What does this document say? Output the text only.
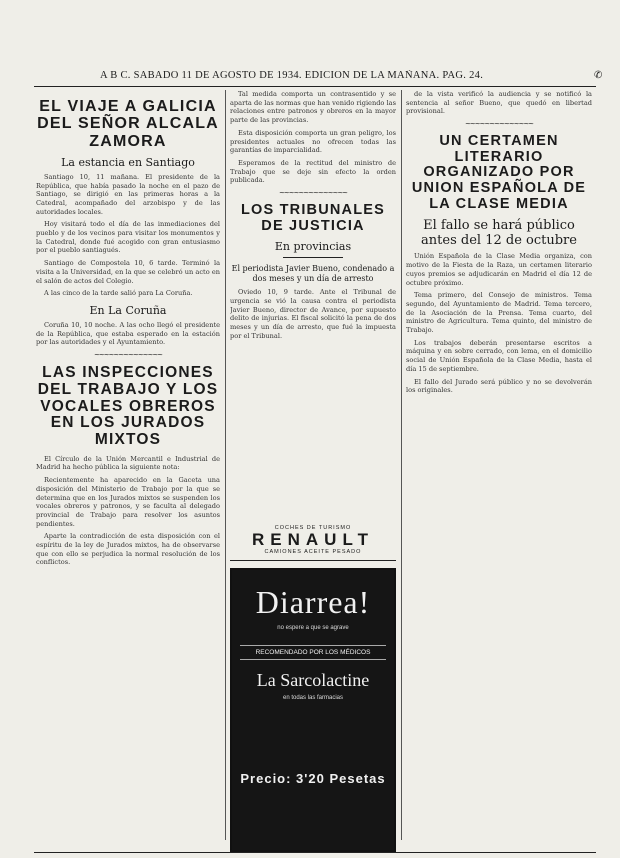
A B C. SABADO 11 DE AGOSTO DE 1934. EDICION DE LA MAÑANA. PAG. 24.	✆
EL VIAJE A GALICIA DEL SEÑOR ALCALA ZAMORA
La estancia en Santiago

Santiago 10, 11 mañana. El presidente de la República, que había pasado la noche en el pazo de Santiago, se dirigió en las primeras horas a la Catedral, acompañado del arzobispo y de las autoridades locales.

Hoy visitará todo el día de las inmediaciones del pueblo y de los vecinos para visitar los monumentos y la Catedral, donde fué acogido con gran entusiasmo por el pueblo santiagués.

Santiago de Compostela 10, 6 tarde. Terminó la visita a la Universidad, en la que se celebró un acto en el salón de actos del Colegio.

A las cinco de la tarde salió para La Coruña.

En La Coruña

Coruña 10, 10 noche. A las ocho llegó el presidente de la República, que estaba esperado en la estación por las autoridades y el Ayuntamiento.

~~~~~~~~~~~~~~
LAS INSPECCIONES DEL TRABAJO Y LOS VOCALES OBREROS EN LOS JURADOS MIXTOS

El Círculo de la Unión Mercantil e Industrial de Madrid ha hecho pública la siguiente nota:

Recientemente ha aparecido en la Gaceta una disposición del Ministerio de Trabajo por la que se determina que en los Jurados mixtos se suspenden los vocales obreros y patronos, y se faculta al delegado provincial de Trabajo para resolver los asuntos pendientes.

Aparte la contradicción de esta disposición con el espíritu de la ley de Jurados mixtos, ha de observarse que con ello se perjudica la normal resolución de los conflictos.

Tal medida comporta un contrasentido y se aparta de las normas que han venido rigiendo las relaciones entre patronos y obreros en la mayor parte de las provincias.

Esta disposición comporta un gran peligro, los presidentes actuales no ofrecen todas las garantías de imparcialidad.

Esperamos de la rectitud del ministro de Trabajo que se deje sin efecto la orden publicada.

~~~~~~~~~~~~~~
LOS TRIBUNALES DE JUSTICIA
En provincias
El periodista Javier Bueno, condenado a dos meses y un día de arresto

Oviedo 10, 9 tarde. Ante el Tribunal de urgencia se vió la causa contra el periodista Javier Bueno, director de Avance, por supuesto delito de injurias. El fiscal solicitó la pena de dos meses y un día de arresto, que fué la impuesta por el Tribunal.

COCHES DE TURISMO
RENAULT
CAMIONES ACEITE PESADO
Diarrea!
no espere a que se agrave
RECOMENDADO POR LOS MÉDICOS
La Sarcolactine
en todas las farmacias
Precio: 3'20 Pesetas

de la vista verificó la audiencia y se notificó la sentencia al señor Bueno, que quedó en libertad provisional.

~~~~~~~~~~~~~~
UN CERTAMEN LITERARIO ORGANIZADO POR UNION ESPAÑOLA DE LA CLASE MEDIA
El fallo se hará público antes del 12 de octubre

Unión Española de la Clase Media organiza, con motivo de la Fiesta de la Raza, un certamen literario cuyos premios se adjudicarán en Madrid el día 12 de octubre próximo.

Tema primero, del Consejo de ministros. Tema segundo, del Ayuntamiento de Madrid. Tema tercero, de la Asociación de la Prensa. Tema cuarto, del ministro de Agricultura. Tema quinto, del ministro de Trabajo.

Los trabajos deberán presentarse escritos a máquina y en sobre cerrado, con lema, en el domicilio social de Unión Española de la Clase Media, hasta el día 15 de septiembre.

El fallo del Jurado será público y no se devolverán los originales.
